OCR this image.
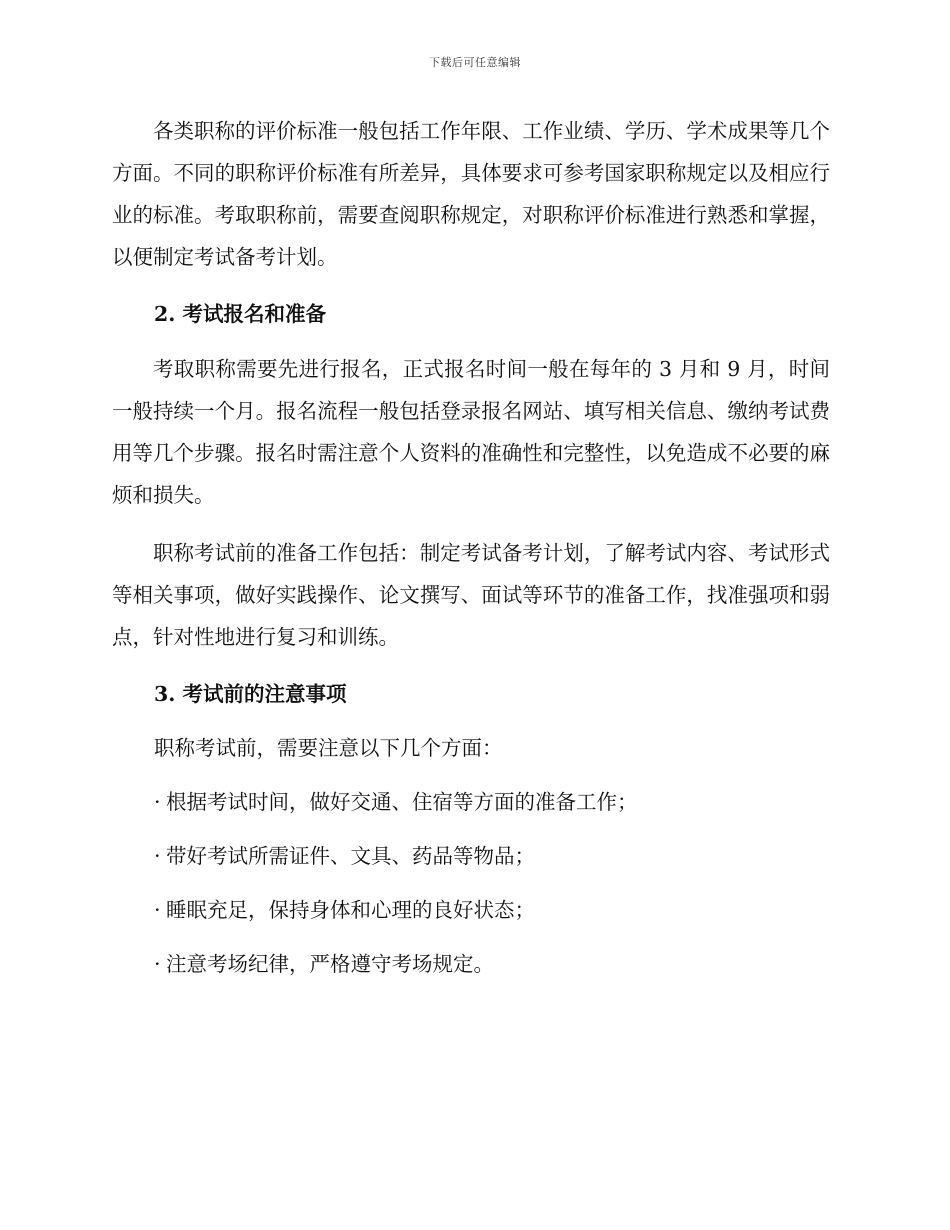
下载后可任意编辑

各类职称的评价标准一般包括工作年限、工作业绩、学历、学术成果等几个方面。不同的职称评价标准有所差异，具体要求可参考国家职称规定以及相应行业的标准。考取职称前，需要查阅职称规定，对职称评价标准进行熟悉和掌握，以便制定考试备考计划。

2. 考试报名和准备

考取职称需要先进行报名，正式报名时间一般在每年的 3 月和 9 月，时间一般持续一个月。报名流程一般包括登录报名网站、填写相关信息、缴纳考试费用等几个步骤。报名时需注意个人资料的准确性和完整性，以免造成不必要的麻烦和损失。

职称考试前的准备工作包括：制定考试备考计划，了解考试内容、考试形式等相关事项，做好实践操作、论文撰写、面试等环节的准备工作，找准强项和弱点，针对性地进行复习和训练。

3. 考试前的注意事项
职称考试前，需要注意以下几个方面：
· 根据考试时间，做好交通、住宿等方面的准备工作；
· 带好考试所需证件、文具、药品等物品；
· 睡眠充足，保持身体和心理的良好状态；
· 注意考场纪律，严格遵守考场规定。
